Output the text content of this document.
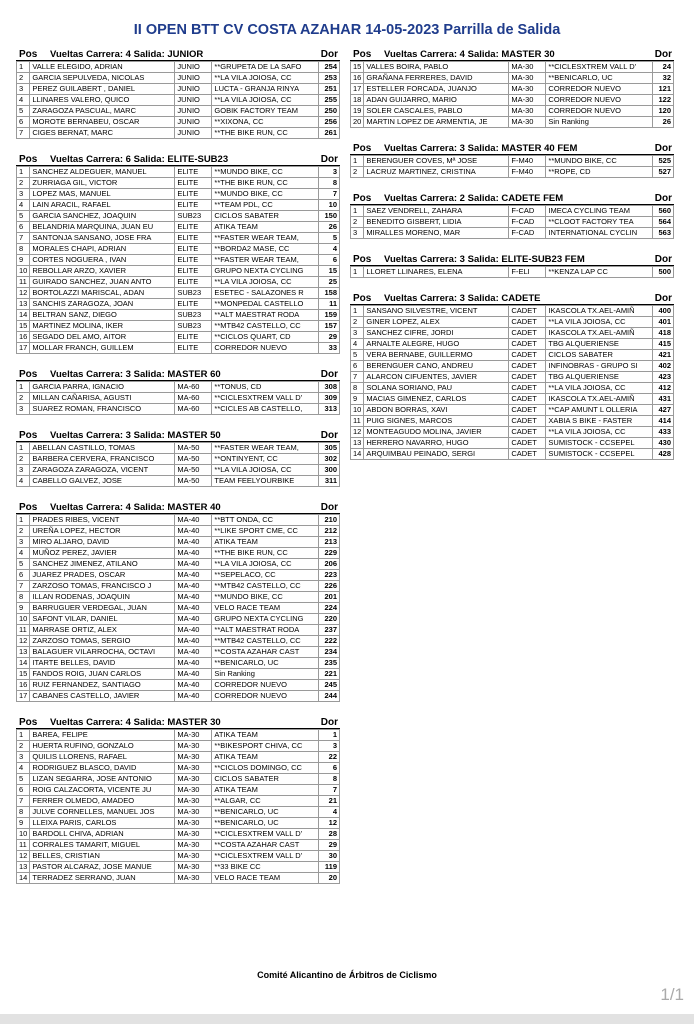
II OPEN BTT CV COSTA AZAHAR 14-05-2023 Parrilla de Salida
Pos	Vueltas Carrera: 4 Salida: JUNIOR	Dor
1	VALLE ELEGIDO, ADRIAN	JUNIO	**GRUPETA DE LA SAFO	254
2	GARCIA SEPULVEDA, NICOLAS	JUNIO	**LA VILA JOIOSA, CC	253
3	PEREZ GUILABERT , DANIEL	JUNIO	LUCTA - GRANJA RINYA	251
4	LLINARES VALERO, QUICO	JUNIO	**LA VILA JOIOSA, CC	255
5	ZARAGOZA PASCUAL, MARC	JUNIO	GOBIK FACTORY TEAM	250
6	MOROTE BERNABEU, OSCAR	JUNIO	**XIXONA, CC	256
7	CIGES BERNAT, MARC	JUNIO	**THE BIKE RUN, CC	261
Pos	Vueltas Carrera: 6 Salida: ELITE-SUB23	Dor
1	SANCHEZ ALDEGUER, MANUEL	ELITE	**MUNDO BIKE, CC	3
2	ZURRIAGA GIL, VICTOR	ELITE	**THE BIKE RUN, CC	8
3	LOPEZ MAS, MANUEL	ELITE	**MUNDO BIKE, CC	7
4	LAIN ARACIL, RAFAEL	ELITE	**TEAM PDL, CC	10
5	GARCIA SANCHEZ, JOAQUIN	SUB23	CICLOS SABATER	150
6	BELANDRIA MARQUINA, JUAN EU	ELITE	ATIKA TEAM	26
7	SANTONJA SANSANO, JOSE FRA	ELITE	**FASTER WEAR TEAM,	5
8	MORALES CHAPI, ADRIAN	ELITE	**BORDA2 MASE, CC	4
9	CORTES NOGUERA , IVAN	ELITE	**FASTER WEAR TEAM,	6
10	REBOLLAR ARZO, XAVIER	ELITE	GRUPO NEXTA CYCLING	15
11	GUIRADO SANCHEZ, JUAN ANTO	ELITE	**LA VILA JOIOSA, CC	25
12	BORTOLAZZI MARISCAL, ADAN	SUB23	ESETEC - SALAZONES R	158
13	SANCHIS ZARAGOZA, JOAN	ELITE	**MONPEDAL CASTELLO	11
14	BELTRAN SANZ, DIEGO	SUB23	**ALT MAESTRAT RODA	159
15	MARTINEZ MOLINA, IKER	SUB23	**MTB42 CASTELLO, CC	157
16	SEGADO DEL AMO, AITOR	ELITE	**CICLOS QUART, CD	29
17	MOLLAR FRANCH, GUILLEM	ELITE	CORREDOR NUEVO	33
Pos	Vueltas Carrera: 3 Salida: MASTER 60	Dor
1	GARCIA PARRA, IGNACIO	MA-60	**TONUS, CD	308
2	MILLAN CAÑARISA, AGUSTI	MA-60	**CICLESXTREM VALL D'	309
3	SUAREZ ROMAN, FRANCISCO	MA-60	**CICLES AB CASTELLO,	313
Pos	Vueltas Carrera: 3 Salida: MASTER 50	Dor
1	ABELLAN CASTILLO, TOMAS	MA-50	**FASTER WEAR TEAM,	305
2	BARBERA CERVERA, FRANCISCO	MA-50	**ONTINYENT, CC	302
3	ZARAGOZA ZARAGOZA, VICENT	MA-50	**LA VILA JOIOSA, CC	300
4	CABELLO GALVEZ, JOSE	MA-50	TEAM FEELYOURBIKE	311
Pos	Vueltas Carrera: 4 Salida: MASTER 40	Dor
1	PRADES RIBES, VICENT	MA-40	**BTT ONDA, CC	210
2	UREÑA LOPEZ, HECTOR	MA-40	**LIKE SPORT CME, CC	212
3	MIRO ALJARO, DAVID	MA-40	ATIKA TEAM	213
4	MUÑOZ PEREZ, JAVIER	MA-40	**THE BIKE RUN, CC	229
5	SANCHEZ JIMENEZ, ATILANO	MA-40	**LA VILA JOIOSA, CC	206
6	JUAREZ PRADES, OSCAR	MA-40	**SEPELACO, CC	223
7	ZARZOSO TOMAS, FRANCISCO J	MA-40	**MTB42 CASTELLO, CC	226
8	ILLAN RODENAS, JOAQUIN	MA-40	**MUNDO BIKE, CC	201
9	BARRUGUER VERDEGAL, JUAN	MA-40	VELO RACE TEAM	224
10	SAFONT VILAR, DANIEL	MA-40	GRUPO NEXTA CYCLING	220
11	MARRASE ORTIZ, ALEX	MA-40	**ALT MAESTRAT RODA	237
12	ZARZOSO TOMAS, SERGIO	MA-40	**MTB42 CASTELLO, CC	222
13	BALAGUER VILARROCHA, OCTAVI	MA-40	**COSTA AZAHAR CAST	234
14	ITARTE BELLES, DAVID	MA-40	**BENICARLO, UC	235
15	FANDOS ROIG, JUAN CARLOS	MA-40	Sin Ranking	221
16	RUIZ FERNANDEZ, SANTIAGO	MA-40	CORREDOR NUEVO	245
17	CABANES CASTELLO, JAVIER	MA-40	CORREDOR NUEVO	244
Pos	Vueltas Carrera: 4 Salida: MASTER 30	Dor
1	BAREA, FELIPE	MA-30	ATIKA TEAM	1
2	HUERTA RUFINO, GONZALO	MA-30	**BIKESPORT CHIVA, CC	3
3	QUILIS LLORENS, RAFAEL	MA-30	ATIKA TEAM	22
4	RODRIGUEZ BLASCO, DAVID	MA-30	**CICLOS DOMINGO, CC	6
5	LIZAN SEGARRA, JOSE ANTONIO	MA-30	CICLOS SABATER	8
6	ROIG CALZACORTA, VICENTE JU	MA-30	ATIKA TEAM	7
7	FERRER OLMEDO, AMADEO	MA-30	**ALGAR, CC	21
8	JULVE CORNELLES, MANUEL JOS	MA-30	**BENICARLO, UC	4
9	LLEIXA PARIS, CARLOS	MA-30	**BENICARLO, UC	12
10	BARDOLL CHIVA, ADRIAN	MA-30	**CICLESXTREM VALL D'	28
11	CORRALES TAMARIT, MIGUEL	MA-30	**COSTA AZAHAR CAST	29
12	BELLES, CRISTIAN	MA-30	**CICLESXTREM VALL D'	30
13	PASTOR ALCARAZ, JOSE MANUE	MA-30	**33 BIKE CC	119
14	TERRADEZ SERRANO, JUAN	MA-30	VELO RACE TEAM	20
Pos	Vueltas Carrera: 4 Salida: MASTER 30	Dor
15	VALLES BOIRA, PABLO	MA-30	**CICLESXTREM VALL D'	24
16	GRAÑANA FERRERES, DAVID	MA-30	**BENICARLO, UC	32
17	ESTELLER FORCADA, JUANJO	MA-30	CORREDOR NUEVO	121
18	ADAN GUIJARRO, MARIO	MA-30	CORREDOR NUEVO	122
19	SOLER CASCALES, PABLO	MA-30	CORREDOR NUEVO	120
20	MARTIN LOPEZ DE ARMENTIA, JE	MA-30	Sin Ranking	26
Pos	Vueltas Carrera: 3 Salida: MASTER 40 FEM	Dor
1	BERENGUER COVES, Mª JOSE	F-M40	**MUNDO BIKE, CC	525
2	LACRUZ MARTINEZ, CRISTINA	F-M40	**ROPE, CD	527
Pos	Vueltas Carrera: 2 Salida: CADETE FEM	Dor
1	SAEZ VENDRELL, ZAHARA	F-CAD	IMECA CYCLING TEAM	560
2	BENEDITO GISBERT, LIDIA	F-CAD	**CLOOT FACTORY TEA	564
3	MIRALLES MORENO, MAR	F-CAD	INTERNATIONAL CYCLIN	563
Pos	Vueltas Carrera: 3 Salida: ELITE-SUB23 FEM	Dor
1	LLORET LLINARES, ELENA	F-ELI	**KENZA LAP CC	500
Pos	Vueltas Carrera: 3 Salida: CADETE	Dor
1	SANSANO SILVESTRE, VICENT	CADET	IKASCOLA TX.AEL-AMIÑ	400
2	GINER LOPEZ, ALEX	CADET	**LA VILA JOIOSA, CC	401
3	SANCHEZ CIFRE, JORDI	CADET	IKASCOLA TX.AEL-AMIÑ	418
4	ARNALTE ALEGRE, HUGO	CADET	TBG ALQUERIENSE	415
5	VERA BERNABE, GUILLERMO	CADET	CICLOS SABATER	421
6	BERENGUER CANO, ANDREU	CADET	INFINOBRAS - GRUPO SI	402
7	ALARCON CIFUENTES, JAVIER	CADET	TBG ALQUERIENSE	423
8	SOLANA SORIANO, PAU	CADET	**LA VILA JOIOSA, CC	412
9	MACIAS GIMENEZ, CARLOS	CADET	IKASCOLA TX.AEL-AMIÑ	431
10	ABDON BORRAS, XAVI	CADET	**CAP AMUNT L OLLERIA	427
11	PUIG SIGNES, MARCOS	CADET	XABIA S BIKE - FASTER	414
12	MONTEAGUDO MOLINA, JAVIER	CADET	**LA VILA JOIOSA, CC	433
13	HERRERO NAVARRO, HUGO	CADET	SUMISTOCK - CCSEPEL	430
14	ARQUIMBAU PEINADO, SERGI	CADET	SUMISTOCK - CCSEPEL	428
Comité Alicantino de Árbitros de Ciclismo
1/1
